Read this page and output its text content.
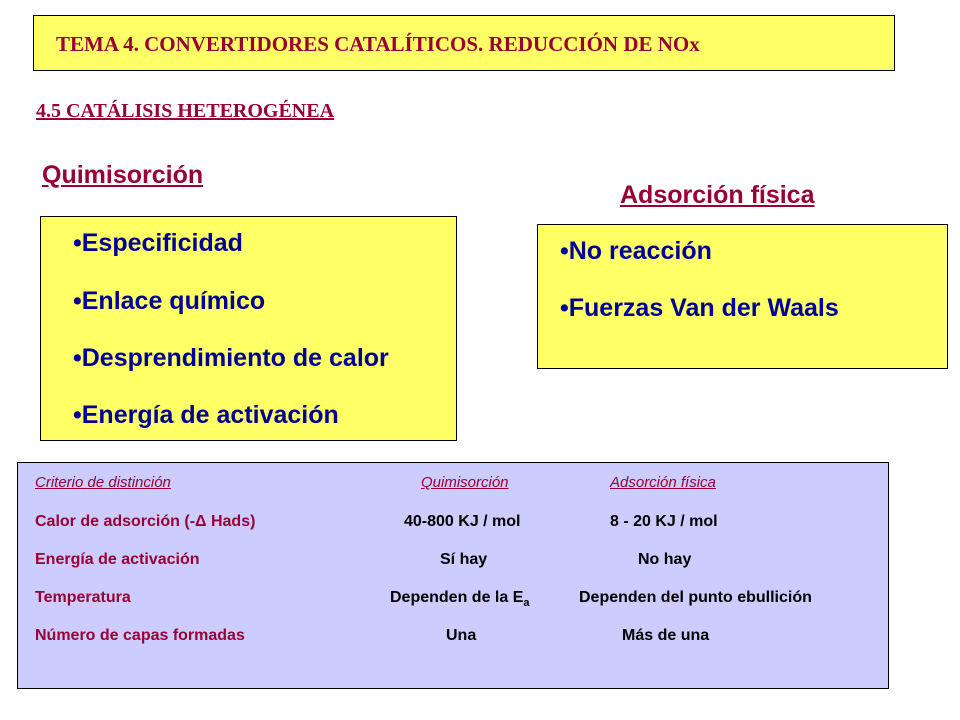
TEMA 4. CONVERTIDORES CATALÍTICOS. REDUCCIÓN DE NOx
4.5 CATÁLISIS HETEROGÉNEA
Quimisorción
Adsorción física
•Especificidad
•Enlace químico
•Desprendimiento de calor
•Energía de activación
•No reacción
•Fuerzas Van der Waals
Criterio de distinción	Quimisorción	Adsorción física
Calor de adsorción (-Δ Hads)	40-800 KJ / mol	8 - 20 KJ / mol
Energía de activación	Sí hay	No hay
Temperatura	Dependen de la $E_a$	Dependen del punto ebullición
Número de capas formadas	Una	Más de una
